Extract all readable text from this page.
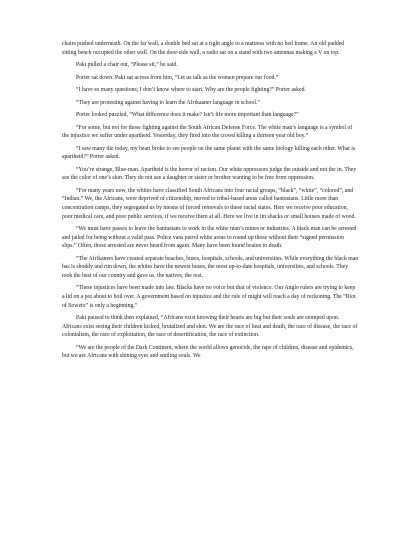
chairs pushed underneath. On the far wall, a double bed sat at a right angle to a mattress with no bed frame. An old padded sitting bench occupied the other wall. On the door-side wall, a radio sat on a stand with two antennas making a V on top.

Paki pulled a chair out, “Please sit,” he said.

Porter sat down. Paki sat across from him, “Let us talk as the women prepare our food.”

“I have so many questions; I don’t know where to start. Why are the people fighting?” Porter asked.

“They are protesting against having to learn the Afrikaaner language in school.”

Porter looked puzzled, “What difference does it make? Isn’t life more important than language?”

“For some, but not for those fighting against the South African Defense Force. The white man’s language is a symbol of the injustice we suffer under apartheid. Yesterday, they fired into the crowd killing a thirteen year old boy.”

“I saw many die today, my heart broke to see people on the same planet with the same biology killing each other. What is apartheid?” Porter asked.

“You’re strange, Blue-man. Apartheid is the horror of racism. Our white oppressors judge the outside and not the in. They see the color of one’s skin. They do not see a daughter or sister or brother wanting to be free from oppression.

“For many years now, the whites have classified South Africans into four racial groups, “black”, “white”, “colored”, and “Indian.” We, the Africans, were deprived of citizenship, moved to tribal-based areas called bantustans. Little more than concentration camps, they segregated us by means of forced removals to these racial states. Here we receive poor education, poor medical care, and poor public services, if we receive them at all. Here we live in tin shacks or small houses made of wood.

“We must have passes to leave the bantustans to work in the white man’s mines or industries. A black man can be arrested and jailed for being without a valid pass. Police vans patrol white areas to round up those without their “signed permission slips.” Often, those arrested are never heard from again. Many have been found beaten to death.

“The Afrikaners have created separate beaches, buses, hospitals, schools, and universities. While everything the black man has is shoddy and run down, the whites have the newest buses, the most up-to-date hospitals, universities, and schools. They took the best of our country and gave us, the natives, the rest.

“These injustices have been made into law. Blacks have no voice but that of violence. Our Anglo rulers are trying to keep a lid on a pot about to boil over. A government based on injustice and the rule of might will reach a day of reckoning. The “Riot of Soweto” is only a beginning.”

Paki paused to think then explained, “Africans exist knowing their hearts are big but their souls are stomped upon. Africans exist seeing their children kicked, brutalized and shot. We are the race of heat and death, the race of disease, the race of colonialism, the race of exploitation, the race of desertification, the race of extinction.

“We are the people of the Dark Continent, where the world allows genocide, the rape of children, disease and epidemics, but we are Africans with shining eyes and smiling souls. We
